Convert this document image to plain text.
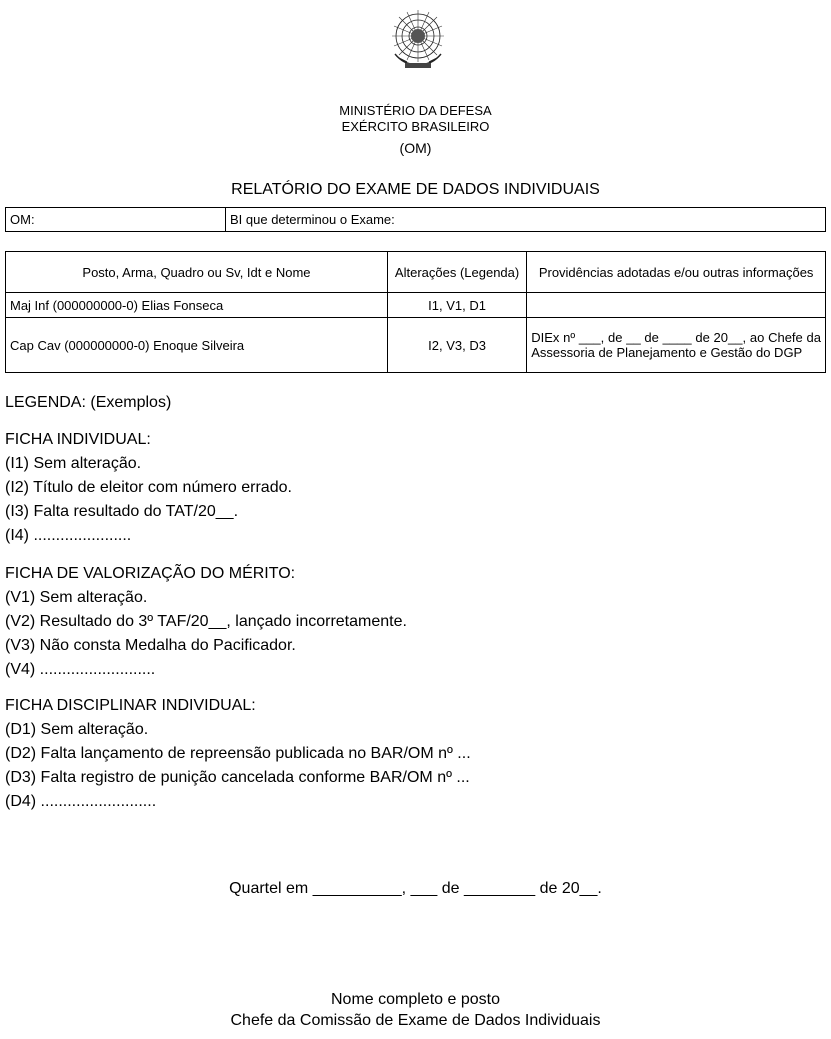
MINISTÉRIO DA DEFESA
EXÉRCITO BRASILEIRO
(OM)
RELATÓRIO DO EXAME DE DADOS INDIVIDUAIS
OM:	BI que determinou o Exame:
Posto, Arma, Quadro ou Sv, Idt e Nome	Alterações (Legenda)	Providências adotadas e/ou outras informações
Maj Inf (000000000-0) Elias Fonseca	I1, V1, D1	
Cap Cav (000000000-0) Enoque Silveira	I2, V3, D3	DIEx nº ___, de __ de ____ de 20__, ao Chefe da Assessoria de Planejamento e Gestão do DGP
LEGENDA: (Exemplos)
FICHA INDIVIDUAL:
(I1) Sem alteração.
(I2) Título de eleitor com número errado.
(I3) Falta resultado do TAT/20__.
(I4) ......................
FICHA DE VALORIZAÇÃO DO MÉRITO:
(V1) Sem alteração.
(V2) Resultado do 3º TAF/20__, lançado incorretamente.
(V3) Não consta Medalha do Pacificador.
(V4) ..........................
FICHA DISCIPLINAR INDIVIDUAL:
(D1) Sem alteração.
(D2) Falta lançamento de repreensão publicada no BAR/OM nº ...
(D3) Falta registro de punição cancelada conforme BAR/OM nº ...
(D4) ..........................
Quartel em __________, ___ de ________ de 20__.
Nome completo e posto
Chefe da Comissão de Exame de Dados Individuais
